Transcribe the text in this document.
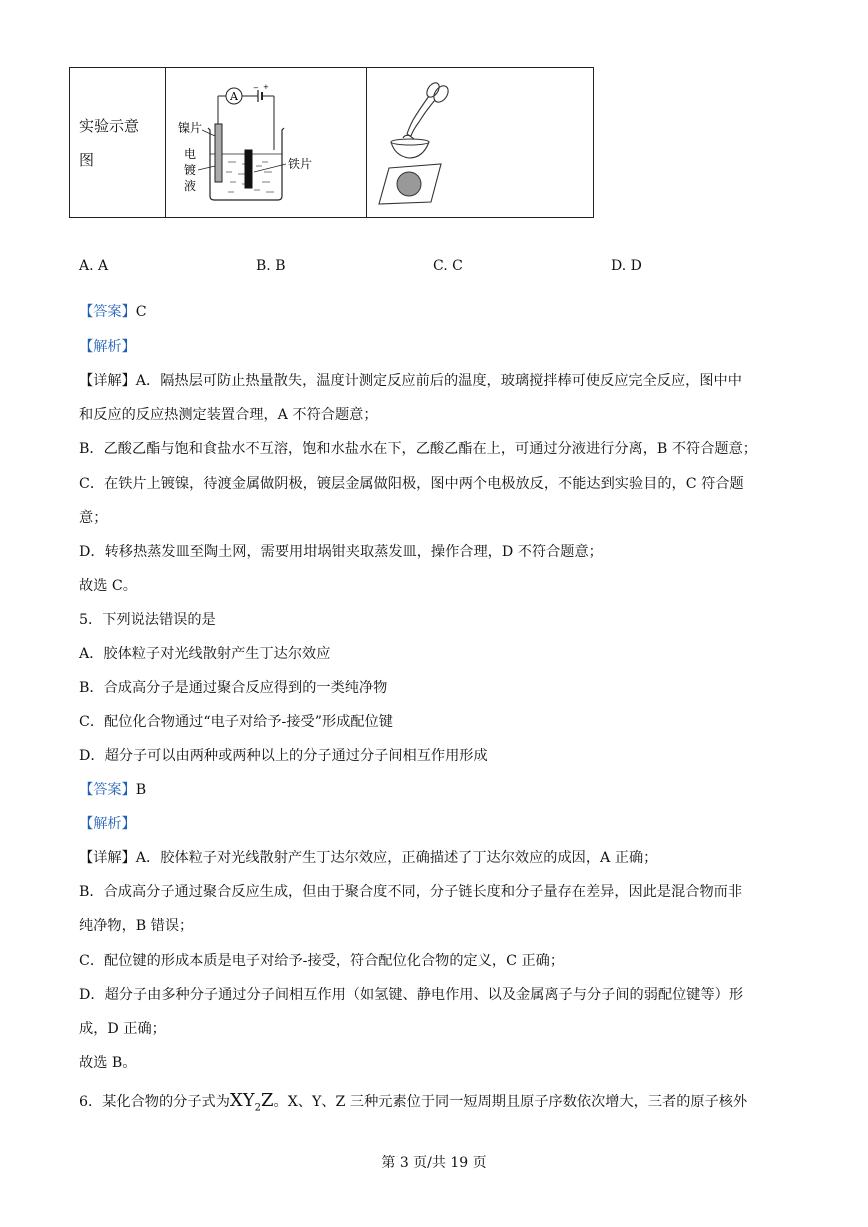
实验示意
图

A
− +
镍片
电
镀
液
铁片

A. A	B. B	C. C	D. D
【答案】C
【解析】
【详解】A．隔热层可防止热量散失，温度计测定反应前后的温度，玻璃搅拌棒可使反应完全反应，图中中
和反应的反应热测定装置合理，A 不符合题意；
B．乙酸乙酯与饱和食盐水不互溶，饱和水盐水在下，乙酸乙酯在上，可通过分液进行分离，B 不符合题意；
C．在铁片上镀镍，待渡金属做阴极，镀层金属做阳极，图中两个电极放反，不能达到实验目的，C 符合题
意；
D．转移热蒸发皿至陶土网，需要用坩埚钳夹取蒸发皿，操作合理，D 不符合题意；
故选 C。
5．下列说法错误的是
A．胶体粒子对光线散射产生丁达尔效应
B．合成高分子是通过聚合反应得到的一类纯净物
C．配位化合物通过“电子对给予-接受”形成配位键
D．超分子可以由两种或两种以上的分子通过分子间相互作用形成
【答案】B
【解析】
【详解】A．胶体粒子对光线散射产生丁达尔效应，正确描述了丁达尔效应的成因，A 正确；
B．合成高分子通过聚合反应生成，但由于聚合度不同，分子链长度和分子量存在差异，因此是混合物而非
纯净物，B 错误；
C．配位键的形成本质是电子对给予-接受，符合配位化合物的定义，C 正确；
D．超分子由多种分子通过分子间相互作用（如氢键、静电作用、以及金属离子与分子间的弱配位键等）形
成，D 正确；
故选 B。
6．某化合物的分子式为$XY_2Z$。X、Y、Z 三种元素位于同一短周期且原子序数依次增大，三者的原子核外
第 3 页/共 19 页
